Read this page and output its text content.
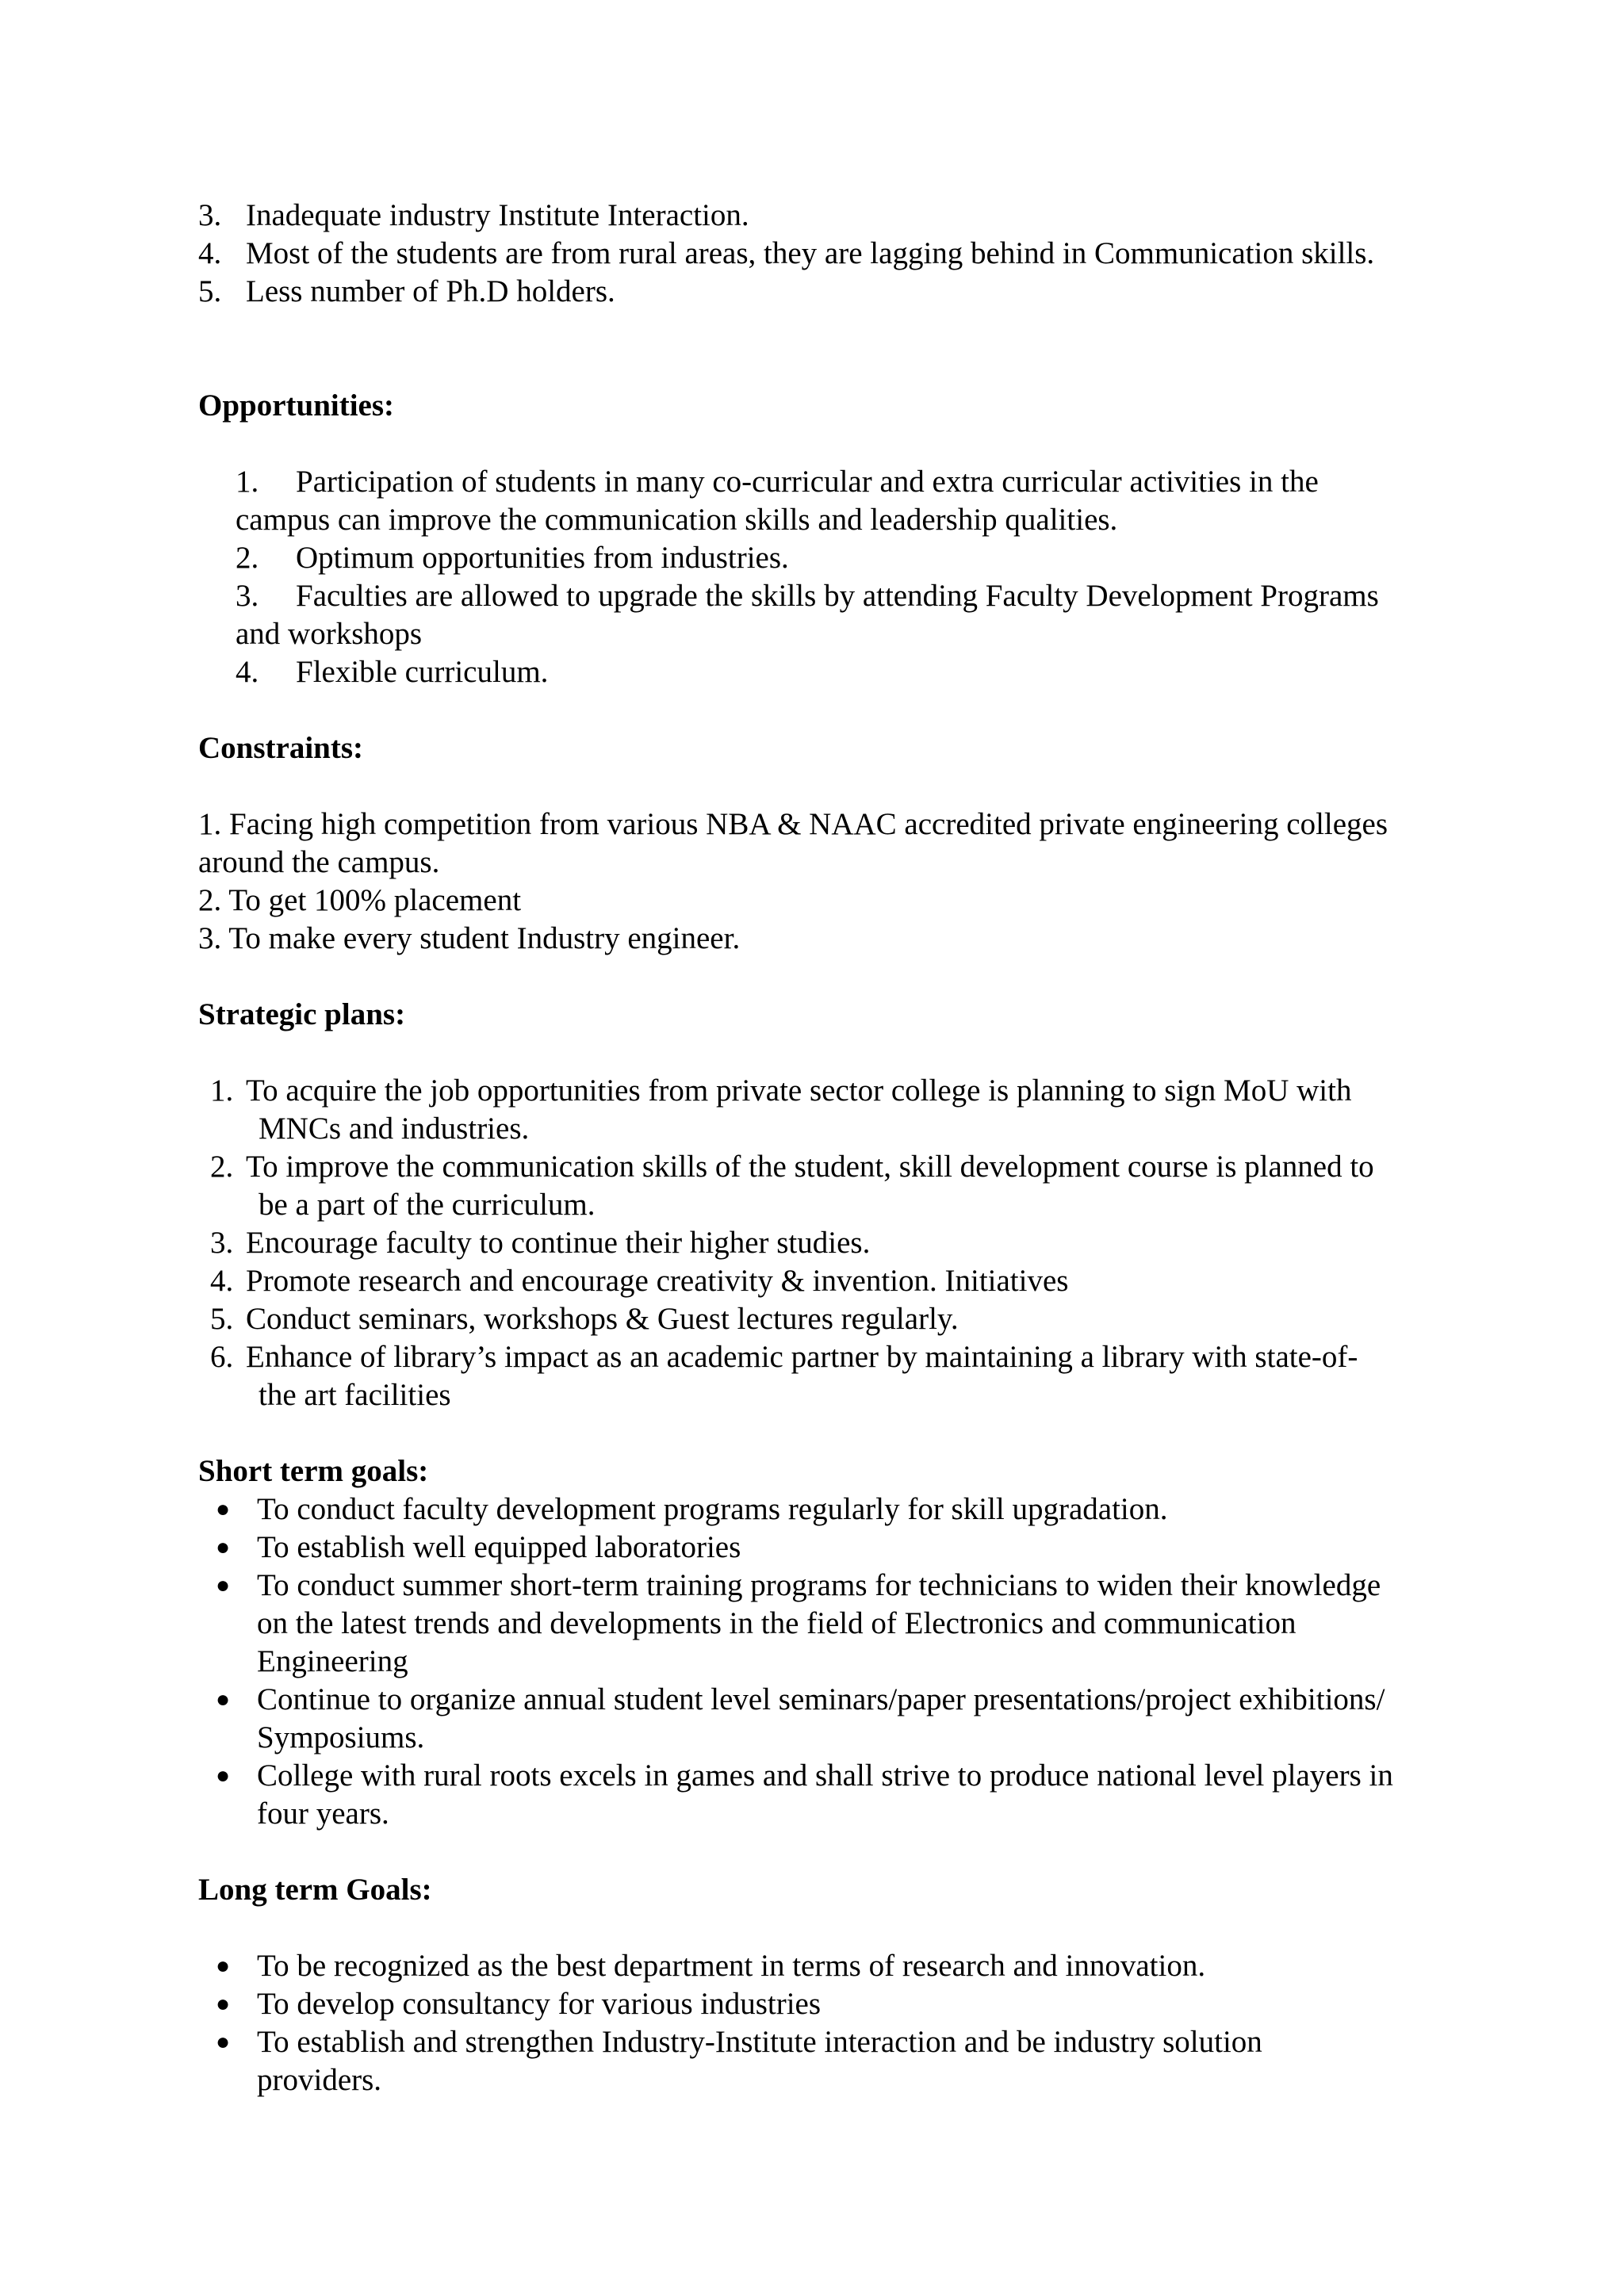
3. Inadequate industry Institute Interaction.
4. Most of the students are from rural areas, they are lagging behind in Communication skills.
5. Less number of Ph.D holders.
Opportunities:
1. Participation of students in many co-curricular and extra curricular activities in the
campus can improve the communication skills and leadership qualities.
2. Optimum opportunities from industries.
3. Faculties are allowed to upgrade the skills by attending Faculty Development Programs
and workshops
4. Flexible curriculum.
Constraints:
1. Facing high competition from various NBA & NAAC accredited private engineering colleges
around the campus.
2. To get 100% placement
3. To make every student Industry engineer.
Strategic plans:
1. To acquire the job opportunities from private sector college is planning to sign MoU with
MNCs and industries.
2. To improve the communication skills of the student, skill development course is planned to
be a part of the curriculum.
3. Encourage faculty to continue their higher studies.
4. Promote research and encourage creativity & invention. Initiatives
5. Conduct seminars, workshops & Guest lectures regularly.
6. Enhance of library’s impact as an academic partner by maintaining a library with state-of-
the art facilities
Short term goals:
● To conduct faculty development programs regularly for skill upgradation.
● To establish well equipped laboratories
● To conduct summer short-term training programs for technicians to widen their knowledge
on the latest trends and developments in the field of Electronics and communication
Engineering
● Continue to organize annual student level seminars/paper presentations/project exhibitions/
Symposiums.
● College with rural roots excels in games and shall strive to produce national level players in
four years.
Long term Goals:
● To be recognized as the best department in terms of research and innovation.
● To develop consultancy for various industries
● To establish and strengthen Industry-Institute interaction and be industry solution
providers.
